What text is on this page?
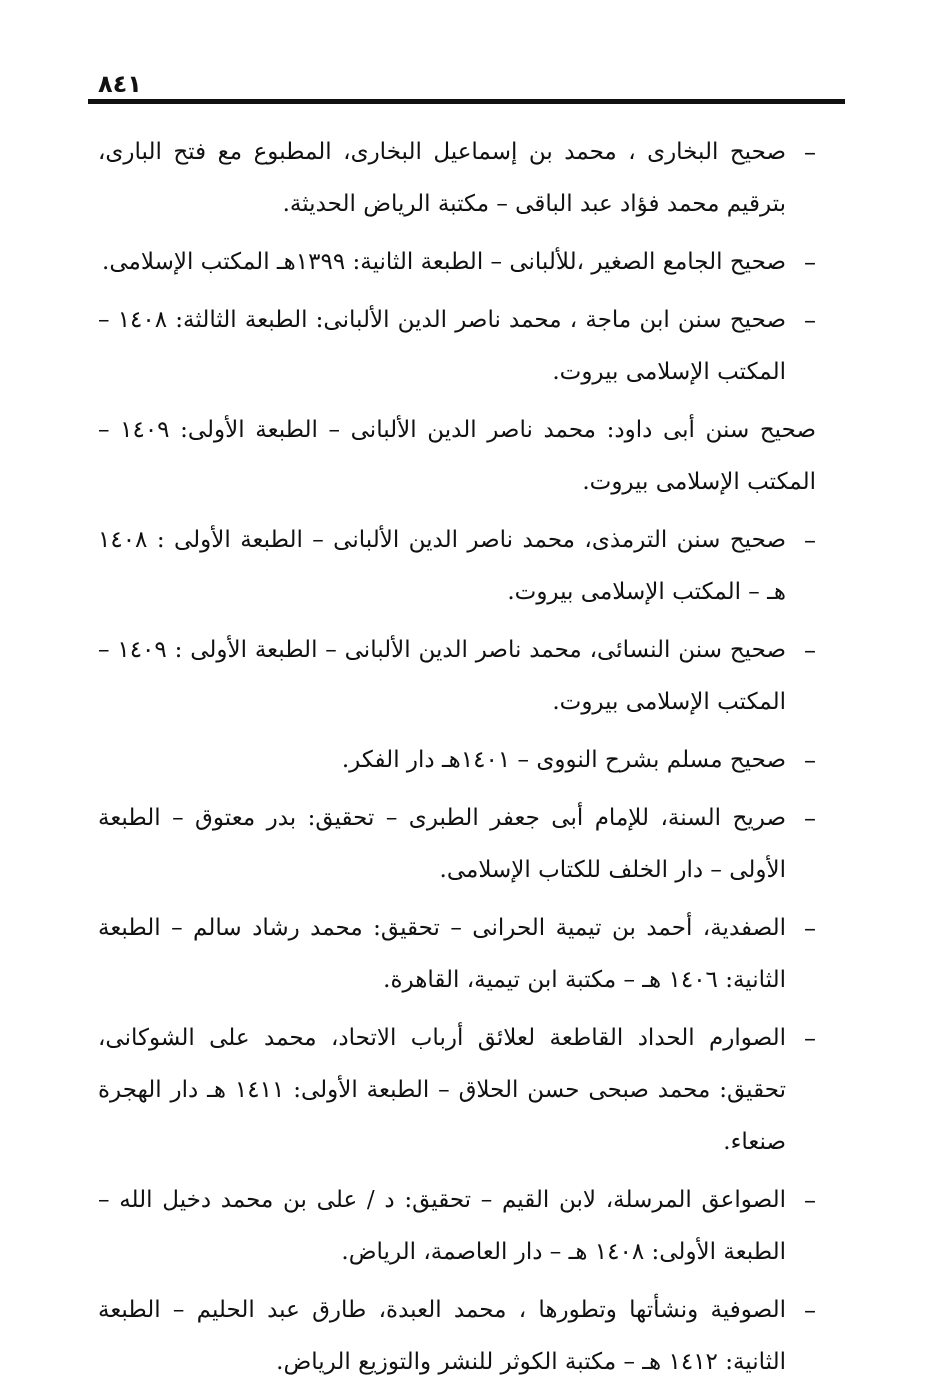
٨٤١
–
صحيح البخارى ، محمد بن إسماعيل البخارى، المطبوع مع فتح البارى، بترقيم محمد فؤاد عبد الباقى – مكتبة الرياض الحديثة.
–
صحيح الجامع الصغير ،للألبانى – الطبعة الثانية: ١٣٩٩هـ المكتب الإسلامى.
–
صحيح سنن ابن ماجة ، محمد ناصر الدين الألبانى: الطبعة الثالثة: ١٤٠٨ – المكتب الإسلامى بيروت.
صحيح سنن أبى داود: محمد ناصر الدين الألبانى – الطبعة الأولى: ١٤٠٩ – المكتب الإسلامى بيروت.
–
صحيح سنن الترمذى، محمد ناصر الدين الألبانى – الطبعة الأولى : ١٤٠٨ هـ – المكتب الإسلامى بيروت.
–
صحيح سنن النسائى، محمد ناصر الدين الألبانى – الطبعة الأولى : ١٤٠٩ – المكتب الإسلامى بيروت.
–
صحيح مسلم بشرح النووى – ١٤٠١هـ دار الفكر.
–
صريح السنة، للإمام أبى جعفر الطبرى – تحقيق: بدر معتوق – الطبعة الأولى – دار الخلف للكتاب الإسلامى.
–
الصفدية، أحمد بن تيمية الحرانى – تحقيق: محمد رشاد سالم – الطبعة الثانية: ١٤٠٦ هـ – مكتبة ابن تيمية، القاهرة.
–
الصوارم الحداد القاطعة لعلائق أرباب الاتحاد، محمد على الشوكانى، تحقيق: محمد صبحى حسن الحلاق – الطبعة الأولى: ١٤١١ هـ دار الهجرة صنعاء.
–
الصواعق المرسلة، لابن القيم – تحقيق: د / على بن محمد دخيل الله – الطبعة الأولى: ١٤٠٨ هـ – دار العاصمة، الرياض.
–
الصوفية ونشأتها وتطورها ، محمد العبدة، طارق عبد الحليم – الطبعة الثانية: ١٤١٢ هـ – مكتبة الكوثر للنشر والتوزيع الرياض.
